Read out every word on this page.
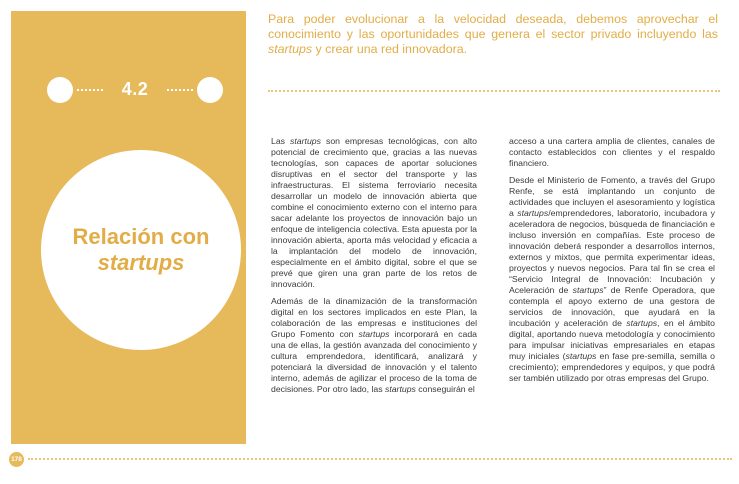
4.2
Relación con
startups
Para poder evolucionar a la velocidad deseada, debemos aprovechar el conocimiento y las oportunidades que genera el sector privado incluyendo las startups y crear una red innovadora.

Las startups son empresas tecnológicas, con alto potencial de crecimiento que, gracias a las nuevas tecnologías, son capaces de aportar soluciones disruptivas en el sector del transporte y las infraestructuras. El sistema ferroviario necesita desarrollar un modelo de innovación abierta que combine el conocimiento externo con el interno para sacar adelante los proyectos de innovación bajo un enfoque de inteligencia colectiva. Esta apuesta por la innovación abierta, aporta más velocidad y eficacia a la implantación del modelo de innovación, especialmente en el ámbito digital, sobre el que se prevé que giren una gran parte de los retos de innovación.

Además de la dinamización de la transformación digital en los sectores implicados en este Plan, la colaboración de las empresas e instituciones del Grupo Fomento con startups incorporará en cada una de ellas, la gestión avanzada del conocimiento y cultura emprendedora, identificará, analizará y potenciará la diversidad de innovación y el talento interno, además de agilizar el proceso de la toma de decisiones. Por otro lado, las startups conseguirán el

acceso a una cartera amplia de clientes, canales de contacto establecidos con clientes y el respaldo financiero.

Desde el Ministerio de Fomento, a través del Grupo Renfe, se está implantando un conjunto de actividades que incluyen el asesoramiento y logística a startups/emprendedores, laboratorio, incubadora y aceleradora de negocios, búsqueda de financiación e incluso inversión en compañías. Este proceso de innovación deberá responder a desarrollos internos, externos y mixtos, que permita experimentar ideas, proyectos y nuevos negocios. Para tal fin se crea el “Servicio Integral de Innovación: Incubación y Aceleración de startups” de Renfe Operadora, que contempla el apoyo externo de una gestora de servicios de innovación, que ayudará en la incubación y aceleración de startups, en el ámbito digital, aportando nueva metodología y conocimiento para impulsar iniciativas empresariales en etapas muy iniciales (startups en fase pre-semilla, semilla o crecimiento); emprendedores y equipos, y que podrá ser también utilizado por otras empresas del Grupo.

178
